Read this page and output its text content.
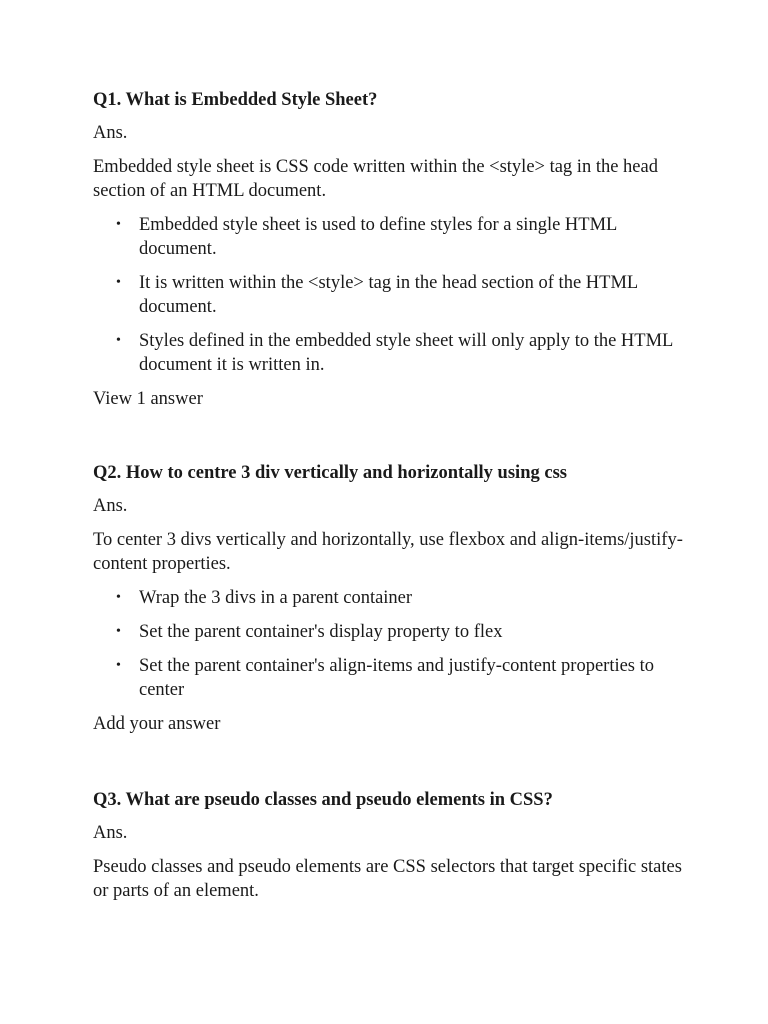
Q1. What is Embedded Style Sheet?

Ans.

Embedded style sheet is CSS code written within the <style> tag in the head section of an HTML document.

• Embedded style sheet is used to define styles for a single HTML document.
• It is written within the <style> tag in the head section of the HTML document.
• Styles defined in the embedded style sheet will only apply to the HTML document it is written in.

View 1 answer

Q2. How to centre 3 div vertically and horizontally using css

Ans.

To center 3 divs vertically and horizontally, use flexbox and align-items/justify-content properties.

• Wrap the 3 divs in a parent container
• Set the parent container's display property to flex
• Set the parent container's align-items and justify-content properties to center

Add your answer

Q3. What are pseudo classes and pseudo elements in CSS?

Ans.

Pseudo classes and pseudo elements are CSS selectors that target specific states or parts of an element.
